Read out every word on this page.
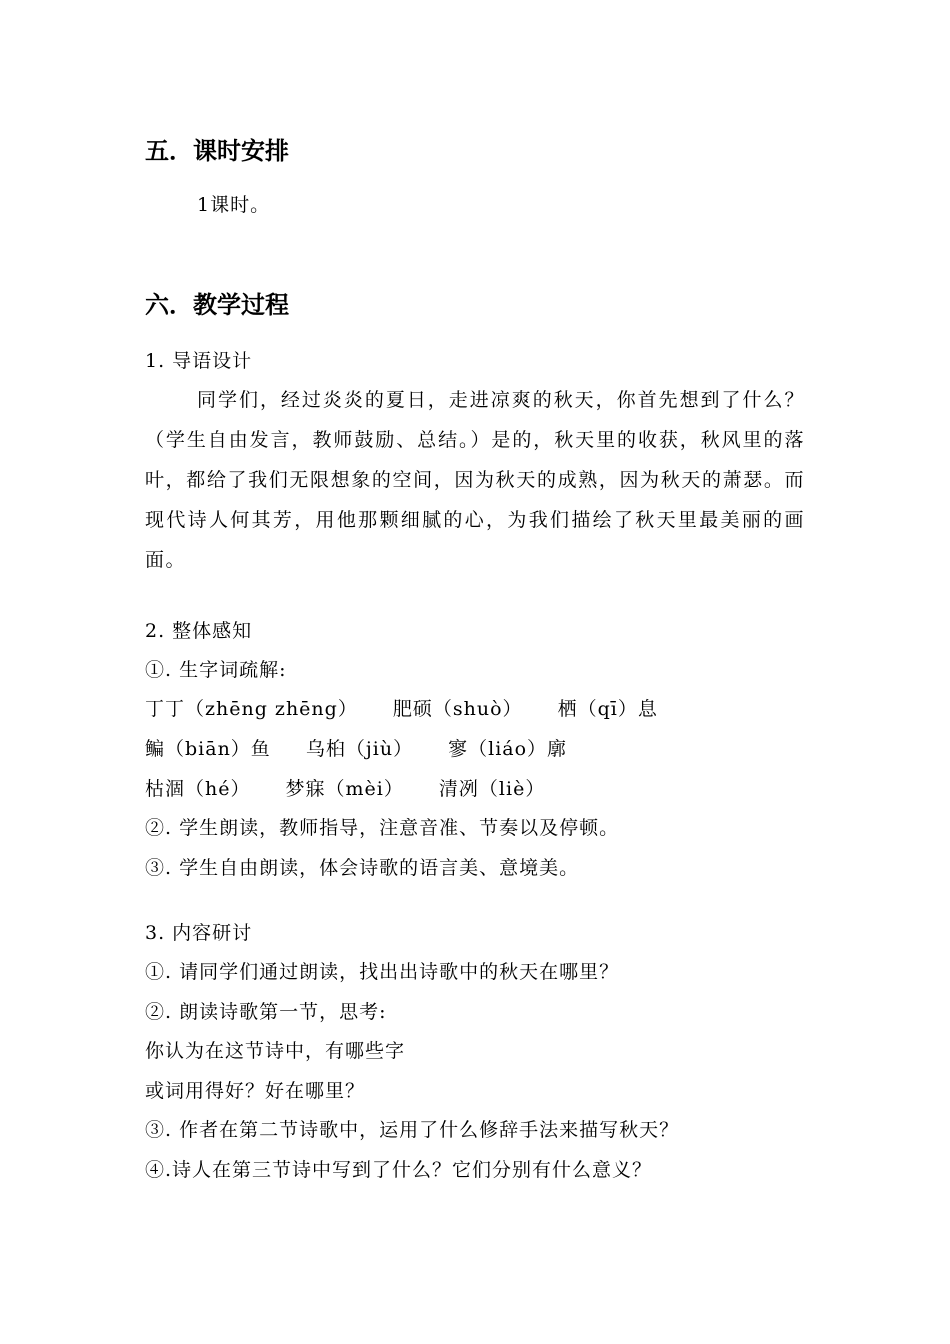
五．课时安排
1课时。
六．教学过程
1. 导语设计
同学们，经过炎炎的夏日，走进凉爽的秋天，你首先想到了什么？（学生自由发言，教师鼓励、总结。）是的，秋天里的收获，秋风里的落叶，都给了我们无限想象的空间，因为秋天的成熟，因为秋天的萧瑟。而现代诗人何其芳，用他那颗细腻的心，为我们描绘了秋天里最美丽的画面。
2. 整体感知
①. 生字词疏解:
丁丁（zhēng zhēng） 肥硕（shuò） 栖（qī）息
鳊（biān）鱼 乌桕（jiù） 寥（liáo）廓
枯涸（hé） 梦寐（mèi） 清冽（liè）
②. 学生朗读，教师指导，注意音准、节奏以及停顿。
③. 学生自由朗读，体会诗歌的语言美、意境美。
3. 内容研讨
①. 请同学们通过朗读，找出出诗歌中的秋天在哪里？
②. 朗读诗歌第一节，思考:
你认为在这节诗中，有哪些字
或词用得好？好在哪里？
③. 作者在第二节诗歌中，运用了什么修辞手法来描写秋天？
④.诗人在第三节诗中写到了什么？它们分别有什么意义？
